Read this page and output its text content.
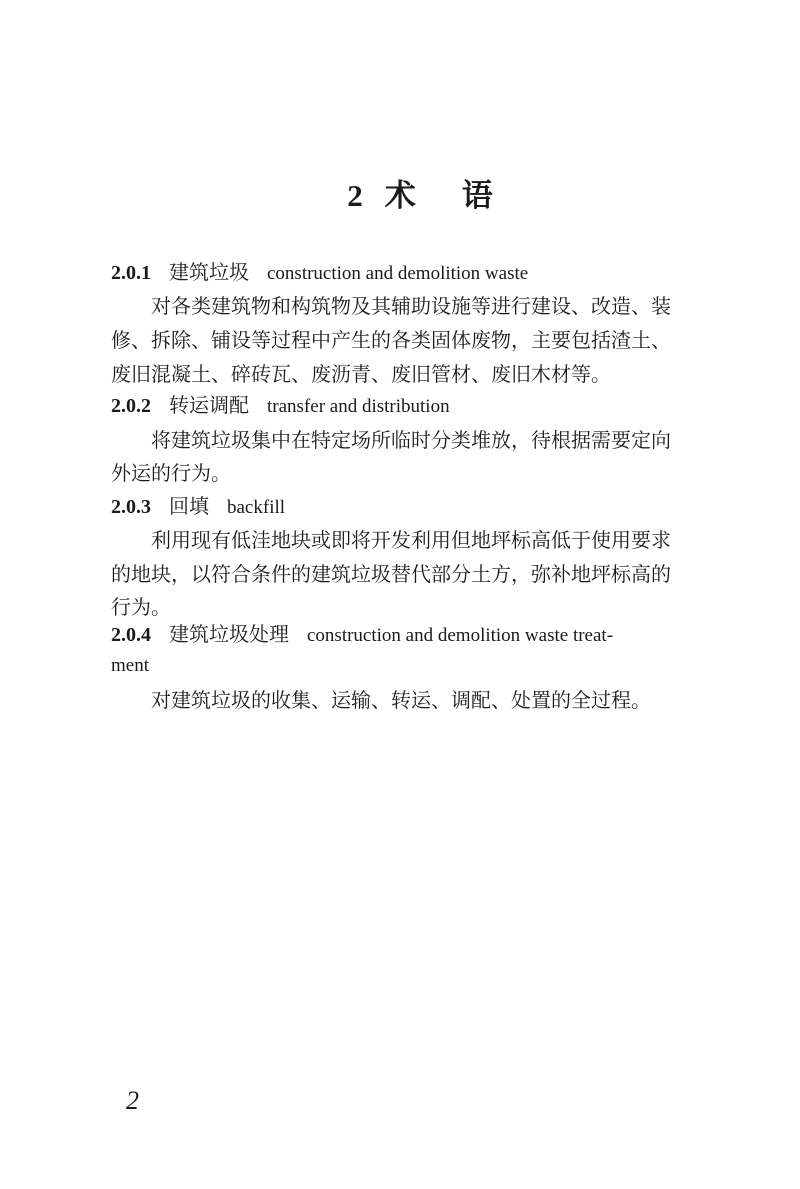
2 术 语
2.0.1 建筑垃圾 construction and demolition waste
对各类建筑物和构筑物及其辅助设施等进行建设、改造、装
修、拆除、铺设等过程中产生的各类固体废物，主要包括渣土、
废旧混凝土、碎砖瓦、废沥青、废旧管材、废旧木材等。
2.0.2 转运调配 transfer and distribution
将建筑垃圾集中在特定场所临时分类堆放，待根据需要定向
外运的行为。
2.0.3 回填 backfill
利用现有低洼地块或即将开发利用但地坪标高低于使用要求
的地块，以符合条件的建筑垃圾替代部分土方，弥补地坪标高的
行为。
2.0.4 建筑垃圾处理 construction and demolition waste treat-
ment
对建筑垃圾的收集、运输、转运、调配、处置的全过程。
2
